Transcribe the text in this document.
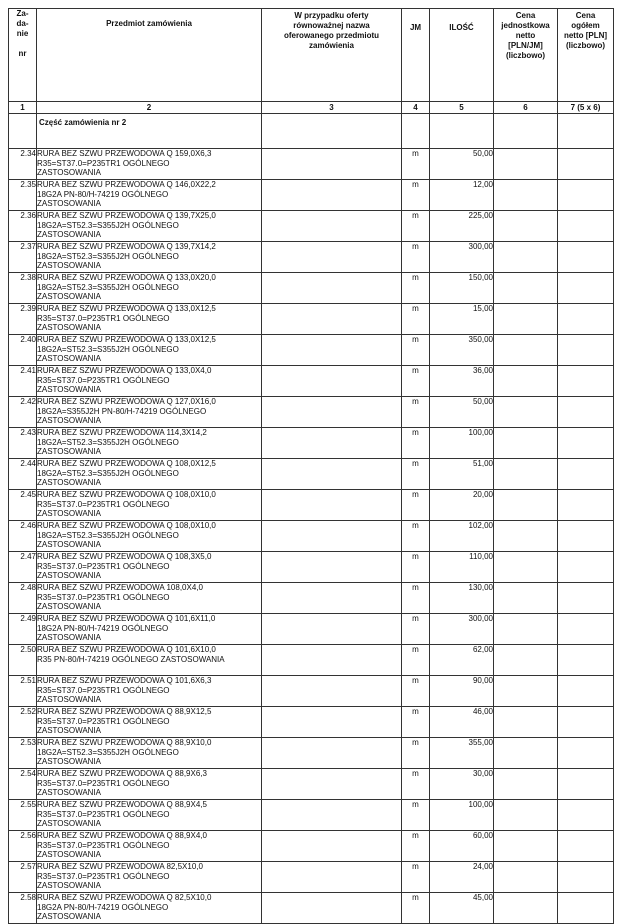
Za-
da-
nie

nr	Przedmiot zamówienia	W przypadku oferty równoważnej nazwa oferowanego przedmiotu zamówienia	JM	ILOŚĆ	Cena jednostkowa netto [PLN/JM] (liczbowo)	Cena ogółem netto [PLN] (liczbowo)
1	2	3	4	5	6	7 (5 x 6)
	Część zamówienia nr 2					
2.34	RURA BEZ SZWU PRZEWODOWA Q 159,0X6,3
R35=ST37.0=P235TR1 OGÓLNEGO
ZASTOSOWANIA		m	50,00		
2.35	RURA BEZ SZWU PRZEWODOWA Q 146,0X22,2
18G2A PN-80/H-74219 OGÓLNEGO
ZASTOSOWANIA		m	12,00		
2.36	RURA BEZ SZWU PRZEWODOWA Q 139,7X25,0
18G2A=ST52.3=S355J2H OGÓLNEGO
ZASTOSOWANIA		m	225,00		
2.37	RURA BEZ SZWU PRZEWODOWA Q 139,7X14,2
18G2A=ST52.3=S355J2H OGÓLNEGO
ZASTOSOWANIA		m	300,00		
2.38	RURA BEZ SZWU PRZEWODOWA Q 133,0X20,0
18G2A=ST52.3=S355J2H OGÓLNEGO
ZASTOSOWANIA		m	150,00		
2.39	RURA BEZ SZWU PRZEWODOWA Q 133,0X12,5
R35=ST37.0=P235TR1 OGÓLNEGO
ZASTOSOWANIA		m	15,00		
2.40	RURA BEZ SZWU PRZEWODOWA Q 133,0X12,5
18G2A=ST52.3=S355J2H OGÓLNEGO
ZASTOSOWANIA		m	350,00		
2.41	RURA BEZ SZWU PRZEWODOWA Q 133,0X4,0
R35=ST37.0=P235TR1 OGÓLNEGO
ZASTOSOWANIA		m	36,00		
2.42	RURA BEZ SZWU PRZEWODOWA Q 127,0X16,0
18G2A=S355J2H PN-80/H-74219 OGÓLNEGO
ZASTOSOWANIA		m	50,00		
2.43	RURA BEZ SZWU PRZEWODOWA 114,3X14,2
18G2A=ST52.3=S355J2H OGÓLNEGO
ZASTOSOWANIA		m	100,00		
2.44	RURA BEZ SZWU PRZEWODOWA Q 108,0X12,5
18G2A=ST52.3=S355J2H OGÓLNEGO
ZASTOSOWANIA		m	51,00		
2.45	RURA BEZ SZWU PRZEWODOWA Q 108,0X10,0
R35=ST37.0=P235TR1 OGÓLNEGO
ZASTOSOWANIA		m	20,00		
2.46	RURA BEZ SZWU PRZEWODOWA Q 108,0X10,0
18G2A=ST52.3=S355J2H OGÓLNEGO
ZASTOSOWANIA		m	102,00		
2.47	RURA BEZ SZWU PRZEWODOWA Q 108,3X5,0
R35=ST37.0=P235TR1 OGÓLNEGO
ZASTOSOWANIA		m	110,00		
2.48	RURA BEZ SZWU PRZEWODOWA 108,0X4,0
R35=ST37.0=P235TR1 OGÓLNEGO
ZASTOSOWANIA		m	130,00		
2.49	RURA BEZ SZWU PRZEWODOWA Q 101,6X11,0
18G2A PN-80/H-74219 OGÓLNEGO
ZASTOSOWANIA		m	300,00		
2.50	RURA BEZ SZWU PRZEWODOWA Q 101,6X10,0
R35 PN-80/H-74219 OGÓLNEGO ZASTOSOWANIA		m	62,00		
2.51	RURA BEZ SZWU PRZEWODOWA Q 101,6X6,3
R35=ST37.0=P235TR1 OGÓLNEGO
ZASTOSOWANIA		m	90,00		
2.52	RURA BEZ SZWU PRZEWODOWA Q 88,9X12,5
R35=ST37.0=P235TR1 OGÓLNEGO
ZASTOSOWANIA		m	46,00		
2.53	RURA BEZ SZWU PRZEWODOWA Q 88,9X10,0
18G2A=ST52.3=S355J2H OGÓLNEGO
ZASTOSOWANIA		m	355,00		
2.54	RURA BEZ SZWU PRZEWODOWA Q 88,9X6,3
R35=ST37.0=P235TR1 OGÓLNEGO
ZASTOSOWANIA		m	30,00		
2.55	RURA BEZ SZWU PRZEWODOWA Q 88,9X4,5
R35=ST37.0=P235TR1 OGÓLNEGO
ZASTOSOWANIA		m	100,00		
2.56	RURA BEZ SZWU PRZEWODOWA Q 88,9X4,0
R35=ST37.0=P235TR1 OGÓLNEGO
ZASTOSOWANIA		m	60,00		
2.57	RURA BEZ SZWU PRZEWODOWA 82,5X10,0
R35=ST37.0=P235TR1 OGÓLNEGO
ZASTOSOWANIA		m	24,00		
2.58	RURA BEZ SZWU PRZEWODOWA Q 82,5X10,0
18G2A PN-80/H-74219 OGÓLNEGO
ZASTOSOWANIA		m	45,00		
